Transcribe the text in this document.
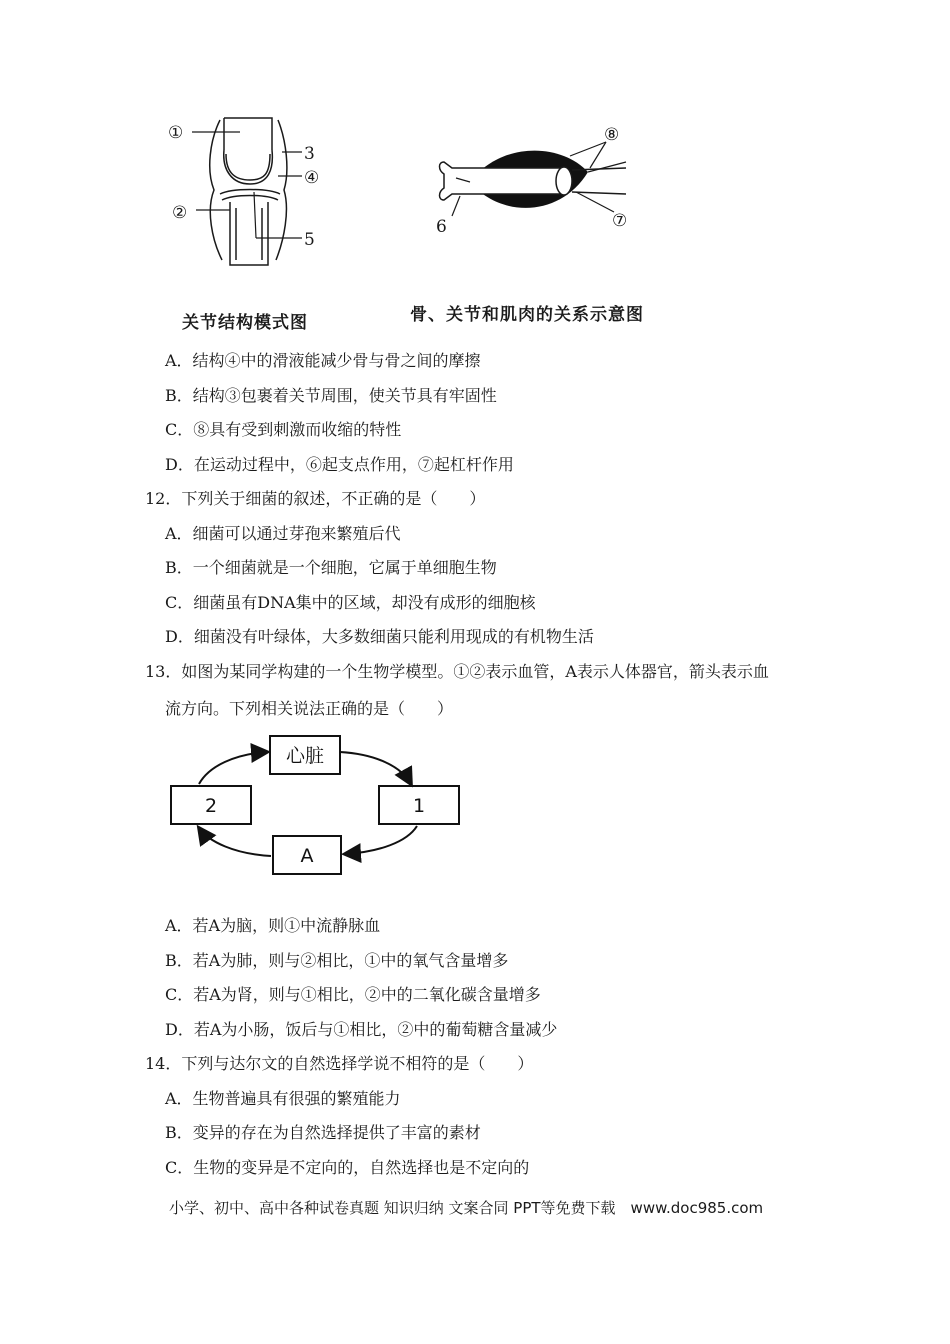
①
②
3
④
5
关节结构模式图
⑧
6	⑦
骨、关节和肌肉的关系示意图
A．结构④中的滑液能减少骨与骨之间的摩擦
B．结构③包裹着关节周围，使关节具有牢固性
C．⑧具有受到刺激而收缩的特性
D．在运动过程中，⑥起支点作用，⑦起杠杆作用
12．下列关于细菌的叙述，不正确的是（　　）
A．细菌可以通过芽孢来繁殖后代
B．一个细菌就是一个细胞，它属于单细胞生物
C．细菌虽有DNA集中的区域，却没有成形的细胞核
D．细菌没有叶绿体，大多数细菌只能利用现成的有机物生活
13．如图为某同学构建的一个生物学模型。①②表示血管，A表示人体器官，箭头表示血
流方向。下列相关说法正确的是（　　）
心脏
1
2
A
A．若A为脑，则①中流静脉血
B．若A为肺，则与②相比，①中的氧气含量增多
C．若A为肾，则与①相比，②中的二氧化碳含量增多
D．若A为小肠，饭后与①相比，②中的葡萄糖含量减少
14．下列与达尔文的自然选择学说不相符的是（　　）
A．生物普遍具有很强的繁殖能力
B．变异的存在为自然选择提供了丰富的素材
C．生物的变异是不定向的，自然选择也是不定向的
小学、初中、高中各种试卷真题 知识归纳 文案合同 PPT等免费下载　www.doc985.com
